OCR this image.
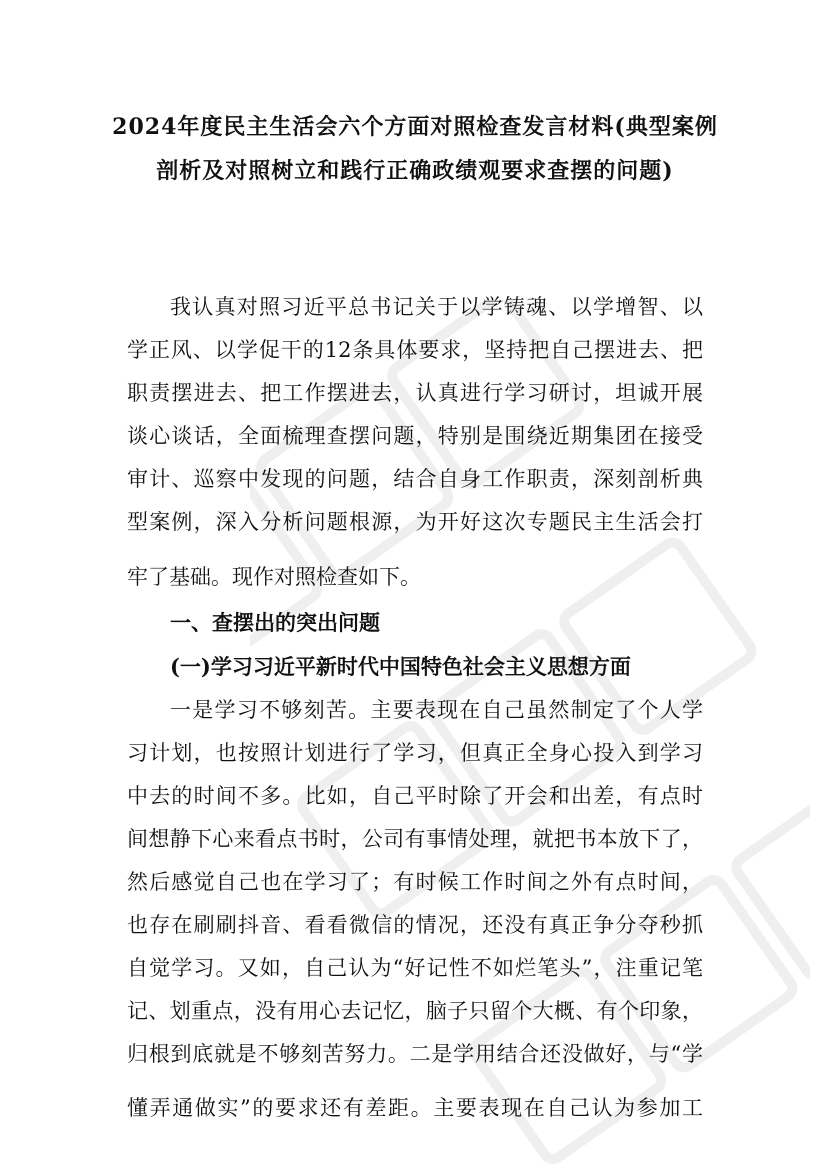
2024年度民主生活会六个方面对照检查发言材料(典型案例
剖析及对照树立和践行正确政绩观要求查摆的问题)
我认真对照习近平总书记关于以学铸魂、以学增智、以
学正风、以学促干的12条具体要求，坚持把自己摆进去、把
职责摆进去、把工作摆进去，认真进行学习研讨，坦诚开展
谈心谈话，全面梳理查摆问题，特别是围绕近期集团在接受
审计、巡察中发现的问题，结合自身工作职责，深刻剖析典
型案例，深入分析问题根源，为开好这次专题民主生活会打
牢了基础。现作对照检查如下。
一、查摆出的突出问题
(一)学习习近平新时代中国特色社会主义思想方面
一是学习不够刻苦。主要表现在自己虽然制定了个人学
习计划，也按照计划进行了学习，但真正全身心投入到学习
中去的时间不多。比如，自己平时除了开会和出差，有点时
间想静下心来看点书时，公司有事情处理，就把书本放下了，
然后感觉自己也在学习了；有时候工作时间之外有点时间，
也存在刷刷抖音、看看微信的情况，还没有真正争分夺秒抓
自觉学习。又如，自己认为“好记性不如烂笔头”，注重记笔
记、划重点，没有用心去记忆，脑子只留个大概、有个印象，
归根到底就是不够刻苦努力。二是学用结合还没做好，与“学
懂弄通做实”的要求还有差距。主要表现在自己认为参加工
